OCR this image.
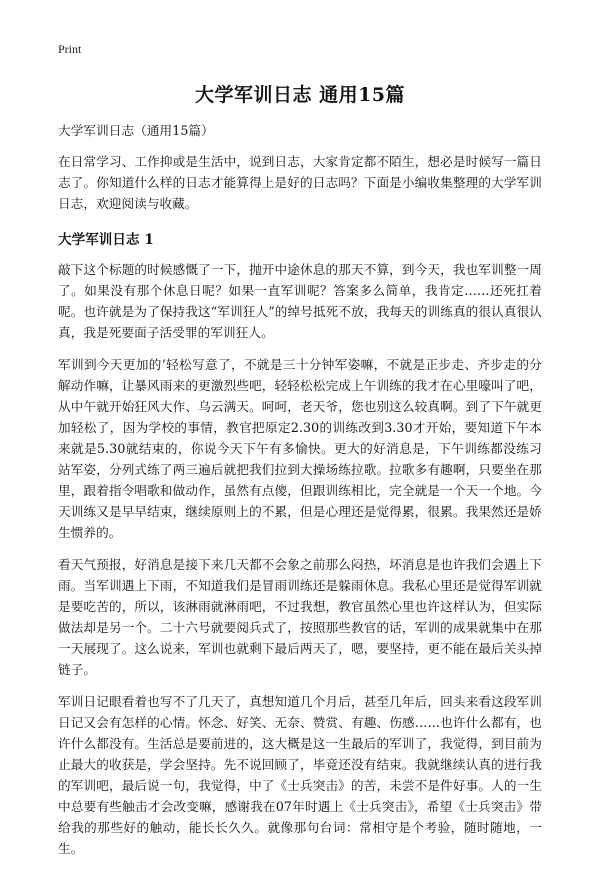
Print
大学军训日志 通用15篇

大学军训日志（通用15篇）

在日常学习、工作抑或是生活中，说到日志，大家肯定都不陌生，想必是时候写一篇日志了。你知道什么样的日志才能算得上是好的日志吗？下面是小编收集整理的大学军训日志，欢迎阅读与收藏。

大学军训日志 1

敲下这个标题的时候感慨了一下，抛开中途休息的那天不算，到今天，我也军训整一周了。如果没有那个休息日呢？如果一直军训呢？答案多么简单，我肯定……还死扛着呢。也许就是为了保持我这“军训狂人”的绰号抵死不放，我每天的训练真的很认真很认真，我是死要面子活受罪的军训狂人。

军训到今天更加的‘轻松写意了，不就是三十分钟军姿嘛，不就是正步走、齐步走的分解动作嘛，让暴风雨来的更激烈些吧，轻轻松松完成上午训练的我才在心里嚎叫了吧，从中午就开始狂风大作、乌云满天。呵呵，老天爷，您也别这么较真啊。到了下午就更加轻松了，因为学校的事情，教官把原定2.30的训练改到3.30才开始，要知道下午本来就是5.30就结束的，你说今天下午有多愉快。更大的好消息是，下午训练都没练习站军姿，分列式练了两三遍后就把我们拉到大操场练拉歌。拉歌多有趣啊，只要坐在那里，跟着指令唱歌和做动作，虽然有点傻，但跟训练相比，完全就是一个天一个地。今天训练又是早早结束，继续原则上的不累，但是心理还是觉得累，很累。我果然还是娇生惯养的。

看天气预报，好消息是接下来几天都不会象之前那么闷热，坏消息是也许我们会遇上下雨。当军训遇上下雨，不知道我们是冒雨训练还是躲雨休息。我私心里还是觉得军训就是要吃苦的，所以，该淋雨就淋雨吧，不过我想，教官虽然心里也许这样认为，但实际做法却是另一个。二十六号就要阅兵式了，按照那些教官的话，军训的成果就集中在那一天展现了。这么说来，军训也就剩下最后两天了，嗯，要坚持，更不能在最后关头掉链子。

军训日记眼看着也写不了几天了，真想知道几个月后，甚至几年后，回头来看这段军训日记又会有怎样的心情。怀念、好笑、无奈、赞赏、有趣、伤感……也许什么都有，也许什么都没有。生活总是要前进的，这大概是这一生最后的军训了，我觉得，到目前为止最大的收获是，学会坚持。先不说回顾了，毕竟还没有结束。我就继续认真的进行我的军训吧，最后说一句，我觉得，中了《士兵突击》的苦，未尝不是件好事。人的一生中总要有些触击才会改变嘛，感谢我在07年时遇上《士兵突击》，希望《士兵突击》带给我的那些好的触动，能长长久久。就像那句台词：常相守是个考验，随时随地，一生。
